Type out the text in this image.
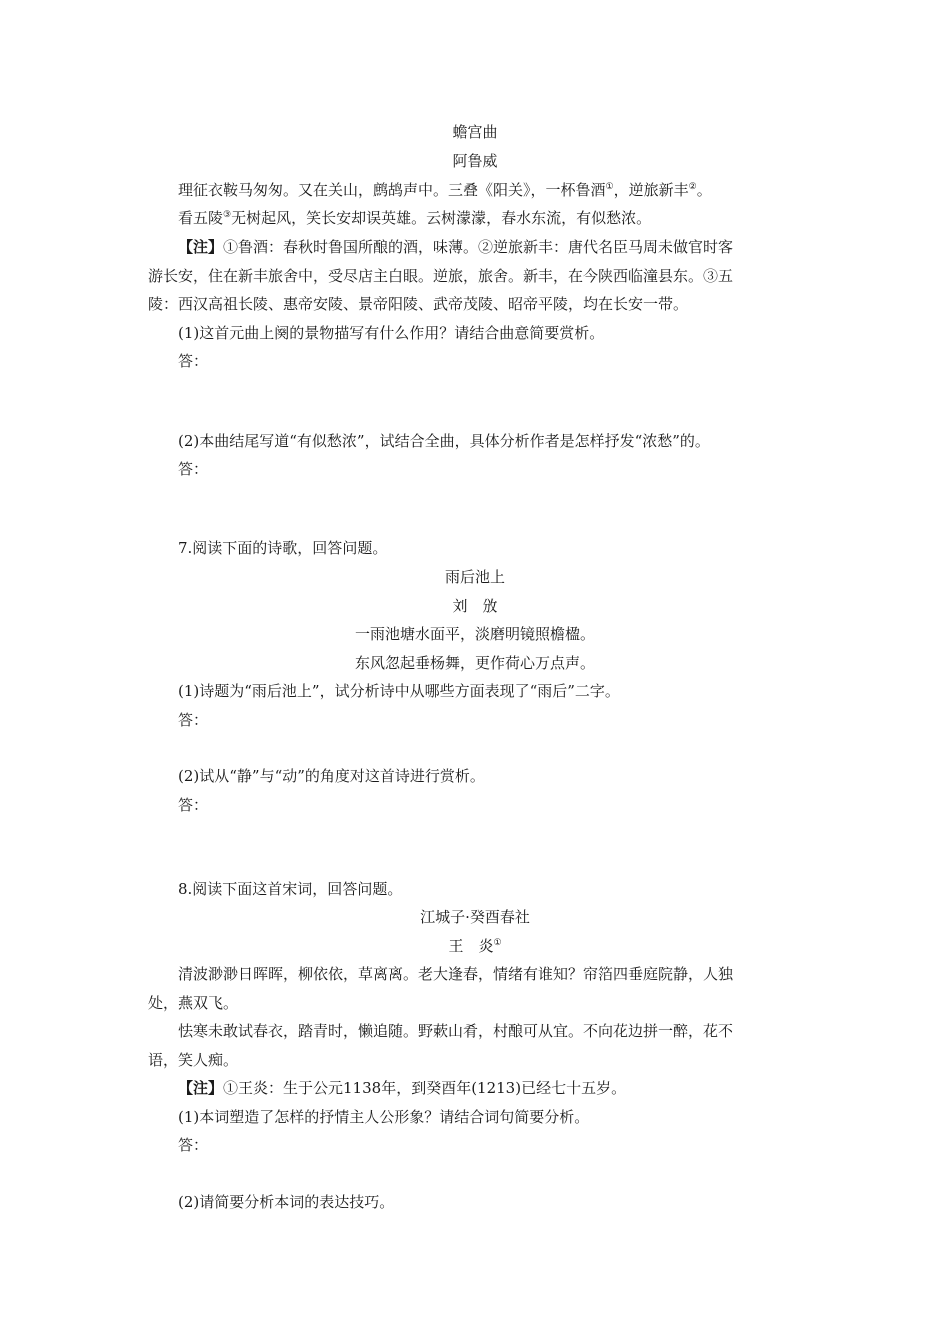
蟾宫曲
阿鲁威
理征衣鞍马匆匆。又在关山，鹧鸪声中。三叠《阳关》，一杯鲁酒①，逆旅新丰②。
看五陵③无树起风，笑长安却误英雄。云树濛濛，春水东流，有似愁浓。
【注】①鲁酒：春秋时鲁国所酿的酒，味薄。②逆旅新丰：唐代名臣马周未做官时客
游长安，住在新丰旅舍中，受尽店主白眼。逆旅，旅舍。新丰，在今陕西临潼县东。③五
陵：西汉高祖长陵、惠帝安陵、景帝阳陵、武帝茂陵、昭帝平陵，均在长安一带。
(1)这首元曲上阕的景物描写有什么作用？请结合曲意简要赏析。
答：
(2)本曲结尾写道“有似愁浓”，试结合全曲，具体分析作者是怎样抒发“浓愁”的。
答：
7.阅读下面的诗歌，回答问题。
雨后池上
刘　攽
一雨池塘水面平，淡磨明镜照檐楹。
东风忽起垂杨舞，更作荷心万点声。
(1)诗题为“雨后池上”，试分析诗中从哪些方面表现了“雨后”二字。
答：
(2)试从“静”与“动”的角度对这首诗进行赏析。
答：
8.阅读下面这首宋词，回答问题。
江城子·癸酉春社
王　炎①
清波渺渺日晖晖，柳依依，草离离。老大逢春，情绪有谁知？帘箔四垂庭院静，人独
处，燕双飞。
怯寒未敢试春衣，踏青时，懒追随。野蔌山肴，村酿可从宜。不向花边拼一醉，花不
语，笑人痴。
【注】①王炎：生于公元1138年，到癸酉年(1213)已经七十五岁。
(1)本词塑造了怎样的抒情主人公形象？请结合词句简要分析。
答：
(2)请简要分析本词的表达技巧。
